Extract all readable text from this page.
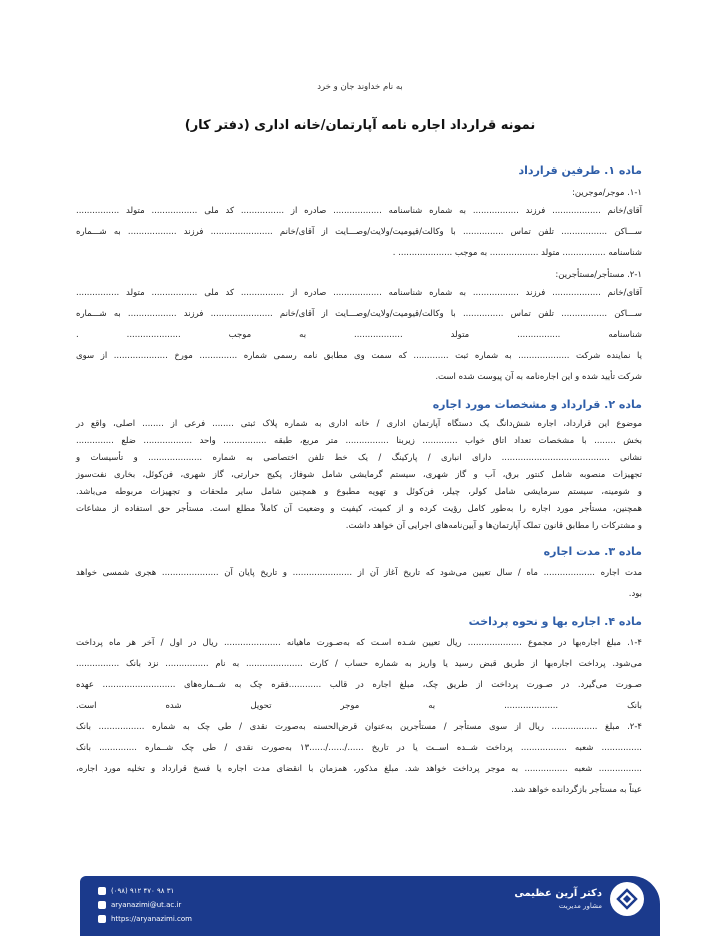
به نام خداوند جان و خرد
نمونه قرارداد اجاره نامه آپارتمان/خانه اداری (دفتر کار)
ماده ۱. طرفین قرارداد
۱-۱. موجر/موجرین:

آقای/خانم .................. فرزند ................. به شماره شناسنامه .................. صادره از ................ کد ملی ................. متولد ................

ســـاکن ................. تلفن تماس ............... با وکالت/قیومیت/ولایت/وصـــایت از آقای/خانم ....................... فرزند .................. به شـــماره

شناسنامه ................ متولد .................. به موجب .................... .

۲-۱. مستأجر/مستأجرین:

آقای/خانم .................. فرزند ................. به شماره شناسنامه .................. صادره از ................ کد ملی ................. متولد ................

ســـاکن ................. تلفن تماس ............... با وکالت/قیومیت/ولایت/وصـــایت از آقای/خانم ....................... فرزند .................. به شـــماره

شناسنامه ................ متولد .................. به موجب .................... .

یا نماینده شرکت ................... به شماره ثبت ............. که سمت وی مطابق نامه رسمی شماره .............. مورخ .................... از سوی

شرکت تأیید شده و این اجاره‌نامه به آن پیوست شده است.

ماده ۲. قرارداد و مشخصات مورد اجاره

موضوع این قرارداد، اجاره شش‌دانگ یک دستگاه آپارتمان اداری / خانه اداری به شماره پلاک ثبتی ........ فرعی از ........ اصلی، واقع در

بخش ........ با مشخصات تعداد اتاق خواب ............. زیربنا ................ متر مربع، طبقه ................ واحد .................. ضلع ..............

نشانی ........................................ دارای انباری / پارکینگ / یک خط تلفن اختصاصی به شماره .................... و تأسیسات و

تجهیزات منصوبه شامل کنتور برق، آب و گاز شهری، سیستم گرمایشی شامل شوفاژ، پکیج حرارتی، گاز شهری، فن‌کوئل، بخاری نفت‌سوز

و شومینه، سیستم سرمایشی شامل کولر، چیلر، فن‌کوئل و تهویه مطبوع و همچنین شامل سایر ملحقات و تجهیزات مربوطه می‌باشد.

همچنین، مستأجر مورد اجاره را به‌طور کامل رؤیت کرده و از کمیت، کیفیت و وضعیت آن کاملاً مطلع است. مستأجر حق استفاده از مشاعات

و مشترکات را مطابق قانون تملک آپارتمان‌ها و آیین‌نامه‌های اجرایی آن خواهد داشت.

ماده ۳. مدت اجاره

مدت اجاره ................... ماه / سال تعیین می‌شود که تاریخ آغاز آن از ...................... و تاریخ پایان آن ..................... هجری شمسی خواهد

بود.

ماده ۴. اجاره بها و نحوه پرداخت

۱-۴. مبلغ اجاره‌بها در مجموع .................... ریال تعیین شـده اسـت که به‌صـورت ماهیانه ..................... ریال در اول / آخر هر ماه پرداخت

می‌شود. پرداخت اجاره‌بها از طریق قبض رسید یا واریز به شماره حساب / کارت ..................... به نام ................ نزد بانک ................

صـورت می‌گیرد. در صـورت پرداخت از طریق چک، مبلغ اجاره در قالب ............فقره چک به شــماره‌های ........................... عهده

بانک .................... به موجر تحویل شده است.

۲-۴. مبلغ ................. ریال از سوی مستأجر / مستأجرین به‌عنوان قرض‌الحسنه به‌صورت نقدی / طی چک به شماره ................. بانک

............... شعبه ................. پرداخت شــده اســت یا در تاریخ ....../....../......۱۳ به‌صورت نقدی / طی چک شــماره .............. بانک

................ شعبه ................ به موجر پرداخت خواهد شد. مبلغ مذکور، همزمان با انقضای مدت اجاره یا فسخ قرارداد و تخلیه مورد اجاره،

عیناً به مستأجر بازگردانده خواهد شد.

دکتر آرین عظیمی
مشاور مدیریت
(۰۹۸) ۹۱۲ ۴۷۰ ۹۸ ۳۱
aryanazimi@ut.ac.ir
https://aryanazimi.com
